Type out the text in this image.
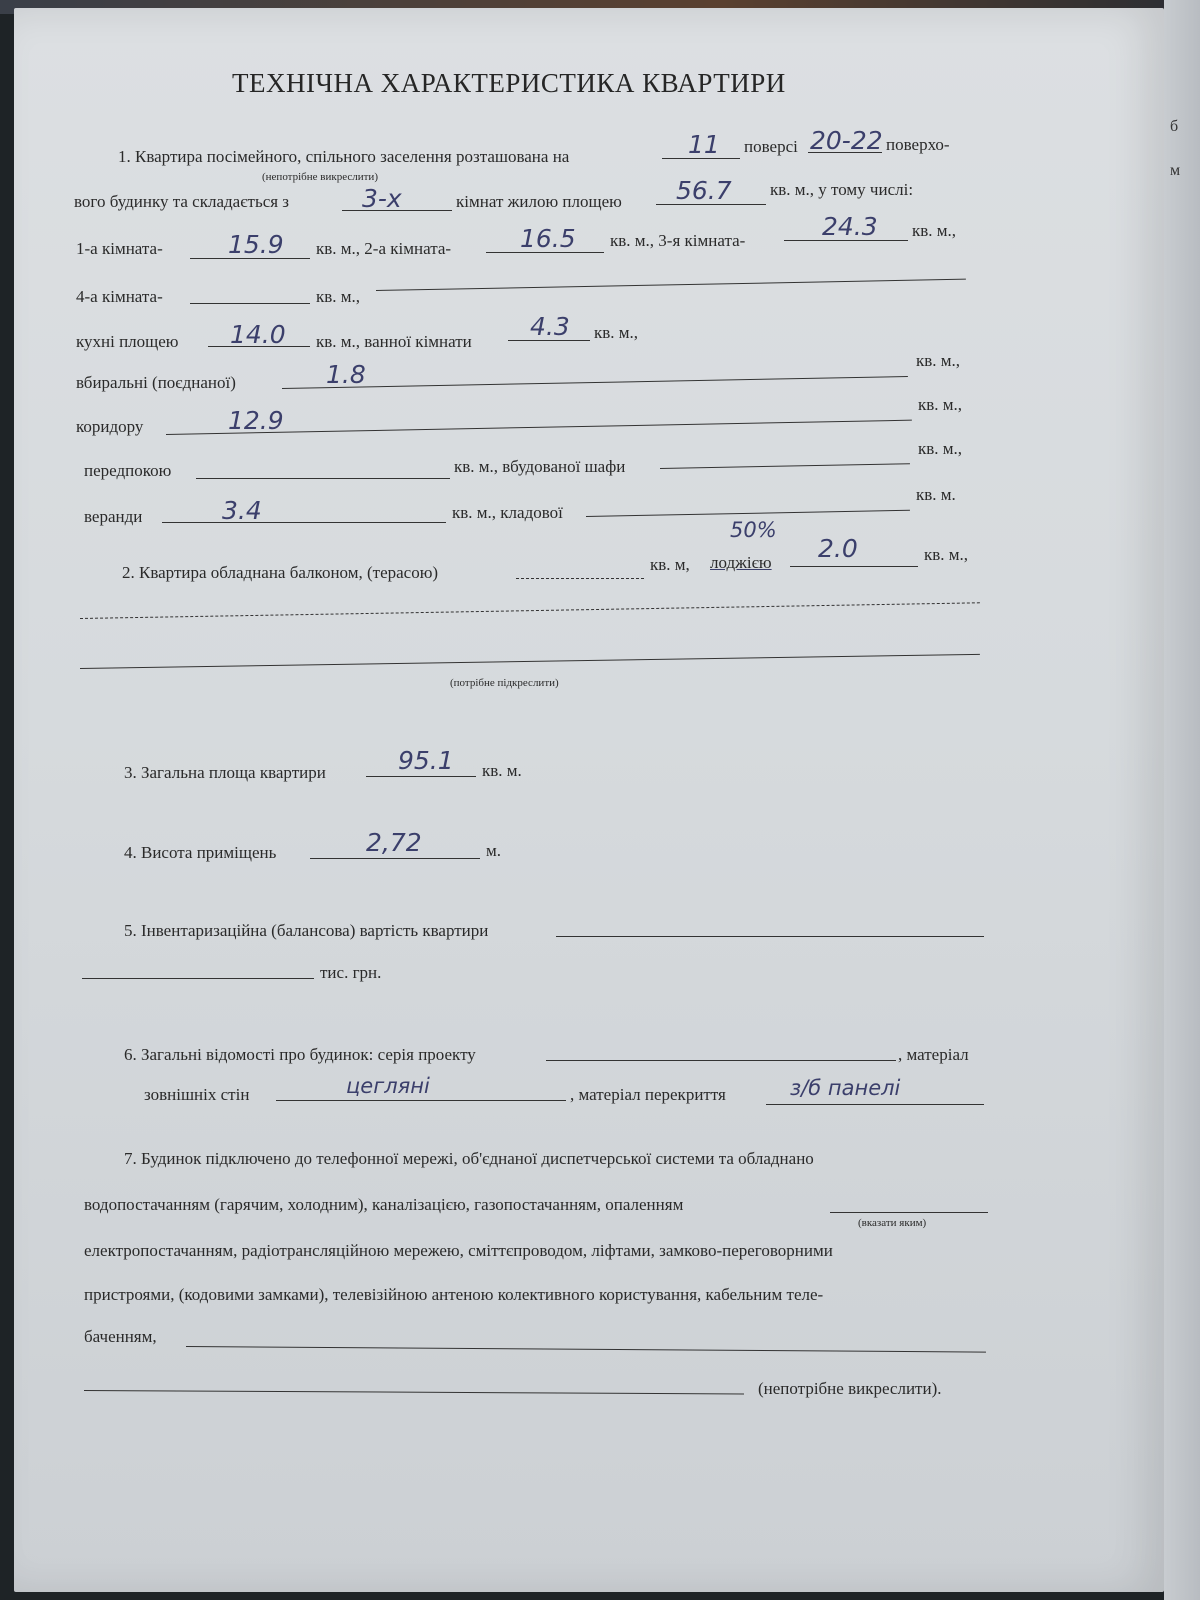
б
м
ТЕХНІЧНА ХАРАКТЕРИСТИКА КВАРТИРИ
1. Квартира посімейного, спільного заселення розташована на	11 поверсі 20-22 поверхо-
(непотрібне викреслити)
вого будинку та складається з	3-х	кімнат жилою площею 56.7 кв. м., у тому числі:
1-а кімната-	15.9 кв. м., 2-а кімната-	16.5 кв. м., 3-я кімната-	24.3 кв. м.,
4-а кімната-	кв. м.,
кухні площею 14.0 кв. м., ванної кімнати
4.3 кв. м.,
вбиральні (поєднаної)	1.8	кв. м.,
коридору	12.9
кв. м.,
передпокою	кв. м., вбудованої шафи
кв. м.,
веранди	3.4	кв. м., кладової
кв. м.
2. Квартира обладнана балконом, (терасою)	кв. м, лоджією
50%
2.0	кв. м.,
(потрібне підкреслити)
3. Загальна площа квартири	95.1 кв. м.
4. Висота приміщень	2,72	м.
5. Інвентаризаційна (балансова) вартість квартири
тис. грн.
6. Загальні відомості про будинок: серія проекту	, матеріал
зовнішніх стін	цегляні	, матеріал перекриття	з/б панелі
7. Будинок підключено до телефонної мережі, об'єднаної диспетчерської системи та обладнано
водопостачанням (гарячим, холодним), каналізацією, газопостачанням, опаленням
(вказати яким)
електропостачанням, радіотрансляційною мережею, сміттєпроводом, ліфтами, замково-переговорними
пристроями, (кодовими замками), телевізійною антеною колективного користування, кабельним теле-
баченням,
(непотрібне викреслити).
